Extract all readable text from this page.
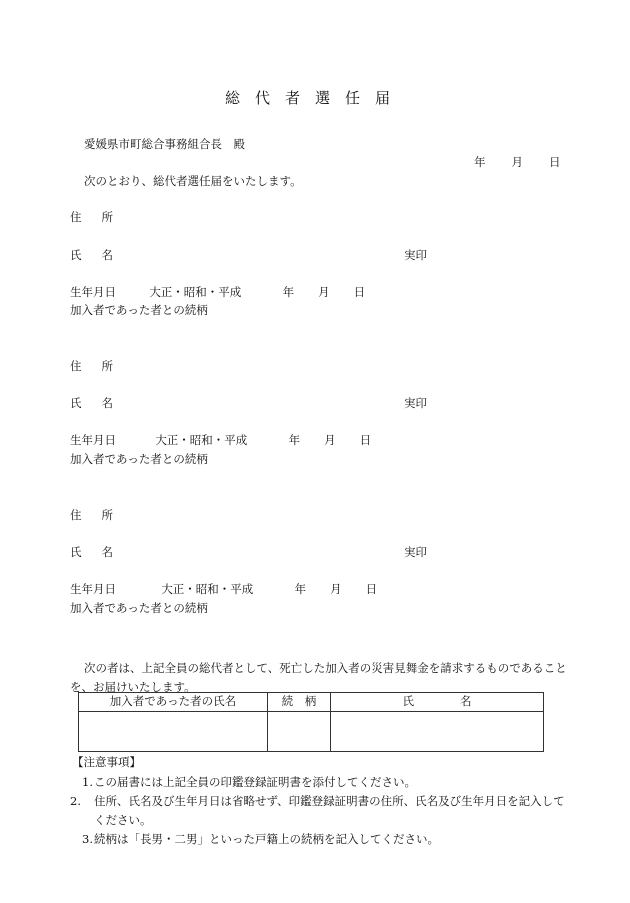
総代者選任届
愛媛県市町総合事務組合長　殿
年 月 日
次のとおり、総代者選任届をいたします。
住 所
氏 名	実印
生年月日	大正・昭和・平成	年 月 日
加入者であった者との続柄
住 所
氏 名	実印
生年月日	大正・昭和・平成	年 月 日
加入者であった者との続柄
住 所
氏 名	実印
生年月日	大正・昭和・平成	年 月 日
加入者であった者との続柄
次の者は、上記全員の総代者として、死亡した加入者の災害見舞金を請求するものであることを、お届けいたします。
加入者であった者の氏名	続　柄	氏　　　　名

【注意事項】
1.この届書には上記全員の印鑑登録証明書を添付してください。
2. 住所、氏名及び生年月日は省略せず、印鑑登録証明書の住所、氏名及び生年月日を記入してください。
3.続柄は「長男・二男」といった戸籍上の続柄を記入してください。
